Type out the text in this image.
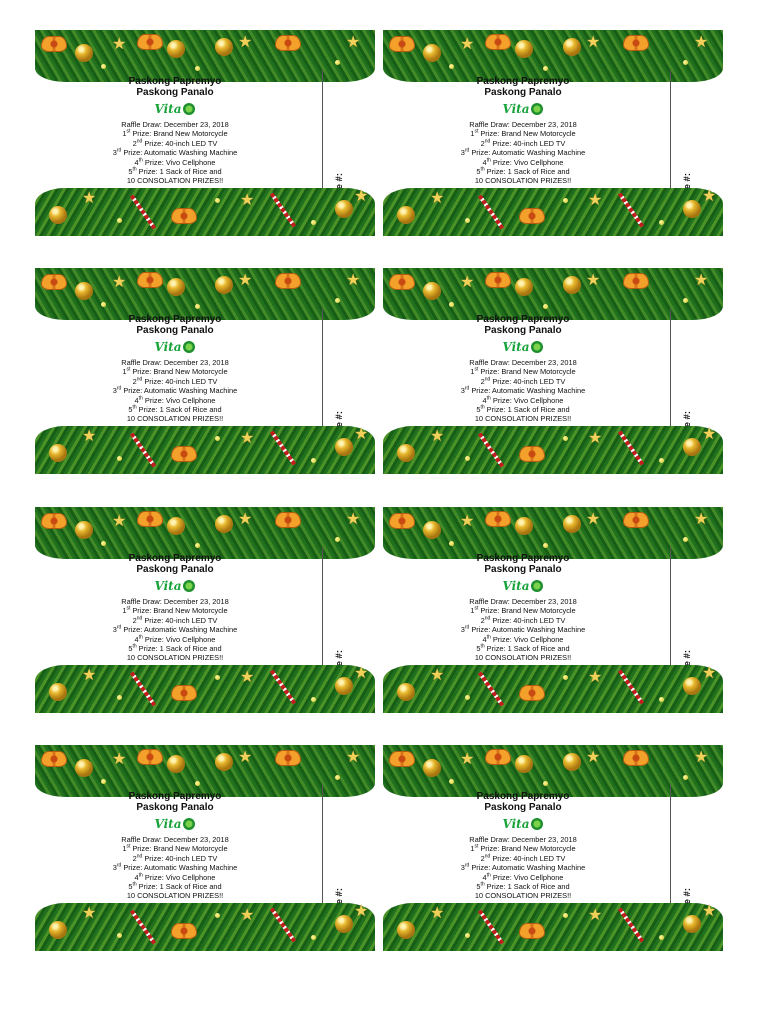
Paskong Papremyo
Paskong Panalo
Vita
Raffle Draw: December 23, 2018
1st Prize: Brand New Motorcycle
2nd Prize: 40-inch LED TV
3rd Prize: Automatic Washing Machine
4th Prize: Vivo Cellphone
5th Prize: 1 Sack of Rice and
10 CONSOLATION PRIZES!!
Paskong Papremyo
Paskong Panalo
Vita
Raffle Draw: December 23, 2018
1st Prize: Brand New Motorcycle
2nd Prize: 40-inch LED TV
3rd Prize: Automatic Washing Machine
4th Prize: Vivo Cellphone
5th Prize: 1 Sack of Rice and
10 CONSOLATION PRIZES!!
Paskong Papremyo
Paskong Panalo
Vita
Raffle Draw: December 23, 2018
1st Prize: Brand New Motorcycle
2nd Prize: 40-inch LED TV
3rd Prize: Automatic Washing Machine
4th Prize: Vivo Cellphone
5th Prize: 1 Sack of Rice and
10 CONSOLATION PRIZES!!
Paskong Papremyo
Paskong Panalo
Vita
Raffle Draw: December 23, 2018
1st Prize: Brand New Motorcycle
2nd Prize: 40-inch LED TV
3rd Prize: Automatic Washing Machine
4th Prize: Vivo Cellphone
5th Prize: 1 Sack of Rice and
10 CONSOLATION PRIZES!!
Paskong Papremyo
Paskong Panalo
Vita
Raffle Draw: December 23, 2018
1st Prize: Brand New Motorcycle
2nd Prize: 40-inch LED TV
3rd Prize: Automatic Washing Machine
4th Prize: Vivo Cellphone
5th Prize: 1 Sack of Rice and
10 CONSOLATION PRIZES!!
Paskong Papremyo
Paskong Panalo
Vita
Raffle Draw: December 23, 2018
1st Prize: Brand New Motorcycle
2nd Prize: 40-inch LED TV
3rd Prize: Automatic Washing Machine
4th Prize: Vivo Cellphone
5th Prize: 1 Sack of Rice and
10 CONSOLATION PRIZES!!
Paskong Papremyo
Paskong Panalo
Vita
Raffle Draw: December 23, 2018
1st Prize: Brand New Motorcycle
2nd Prize: 40-inch LED TV
3rd Prize: Automatic Washing Machine
4th Prize: Vivo Cellphone
5th Prize: 1 Sack of Rice and
10 CONSOLATION PRIZES!!
Paskong Papremyo
Paskong Panalo
Vita
Raffle Draw: December 23, 2018
1st Prize: Brand New Motorcycle
2nd Prize: 40-inch LED TV
3rd Prize: Automatic Washing Machine
4th Prize: Vivo Cellphone
5th Prize: 1 Sack of Rice and
10 CONSOLATION PRIZES!!
